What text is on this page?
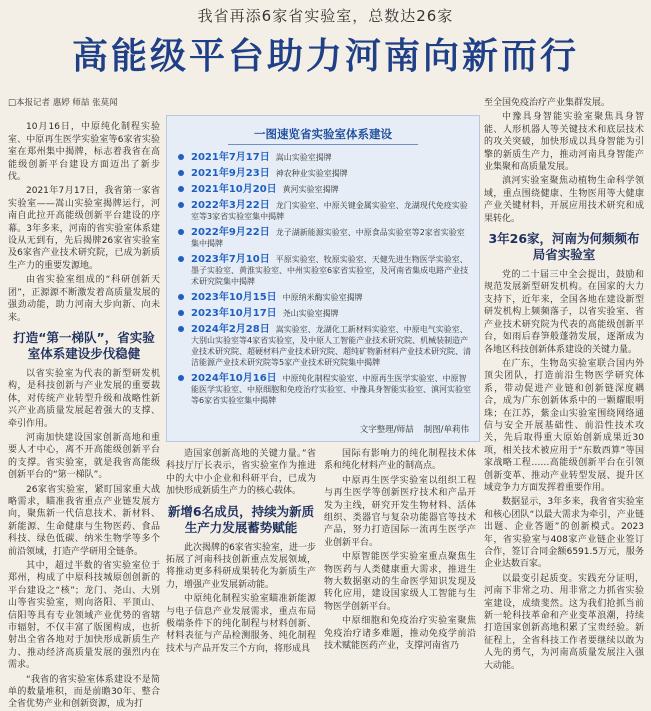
我省再添6家省实验室，总数达26家
高能级平台助力河南向新而行
□本报记者 惠婷 师喆 张莫闻

10月16日，中原纯化制程实验室、中原再生医学实验室等6家省实验室在郑州集中揭牌，标志着我省在高能级创新平台建设方面迈出了新步伐。

2021年7月17日，我省第一家省实验室——嵩山实验室揭牌运行，河南自此拉开高能级创新平台建设的序幕。3年多来，河南的省实验室体系建设从无到有，先后揭牌26家省实验室及6家省产业技术研究院，已成为新质生产力的重要发源地。

由省实验室组成的“科研创新天团”，正源源不断激发着高质量发展的强劲动能，助力河南大步向新、向未来。

打造“第一梯队”，省实验室体系建设步伐稳健

以省实验室为代表的新型研发机构，是科技创新与产业发展的重要载体，对传统产业转型升级和战略性新兴产业高质量发展起着强大的支撑、牵引作用。

河南加快建设国家创新高地和重要人才中心，离不开高能级创新平台的支撑。省实验室，就是我省高能级创新平台的“第一梯队”。

26家省实验室，紧盯国家重大战略需求，瞄准我省重点产业链发展方向，聚焦新一代信息技术、新材料、新能源、生命健康与生物医药、食品科技、绿色低碳、纳米生物学等多个前沿领域，打造产学研用全链条。

其中，超过半数的省实验室位于郑州，构成了中原科技城原创创新的平台建设之“核”；龙门、尧山、大别山等省实验室，则向洛阳、平顶山、信阳等具有专业领域产业优势的省辖市辐射，不仅丰富了版图构成，也折射出全省各地对于加快形成新质生产力、推动经济高质量发展的强烈内在需求。

“我省的省实验室体系建设不是简单的数量堆积，而是前瞻30年、整合全省优势产业和创新资源，成为打

一图速览省实验室体系建设
2021年7月17日 嵩山实验室揭牌
2021年9月23日 神农种业实验室揭牌
2021年10月20日 黄河实验室揭牌
2022年3月22日 龙门实验室、中原关键金属实验室、龙湖现代免疫实验室等3家省实验室集中揭牌
2022年9月22日 龙子湖新能源实验室、中原食品实验室等2家省实验室集中揭牌
2023年7月10日 平原实验室、牧原实验室、天健先进生物医学实验室、墨子实验室、黄淮实验室、中州实验室6家省实验室，及河南省集成电路产业技术研究院集中揭牌
2023年10月15日 中原纳米酶实验室揭牌
2023年10月17日 尧山实验室揭牌
2024年2月28日 嵩实验室、龙湖化工新材料实验室、中原电气实验室、大别山实验室等4家省实验室，及中原人工智能产业技术研究院、机械装制造产业技术研究院、超硬材料产业技术研究院、超纯矿物新材料产业技术研究院、清洁能源产业技术研究院等5家产业技术研究院集中揭牌
2024年10月16日 中原纯化制程实验室、中原再生医学实验室、中原智能医学实验室、中原细胞和免疫治疗实验室、中豫具身智能实验室、滇河实验室等6家省实验室集中揭牌
文字整理/师喆 制图/单莉伟

造国家创新高地的关键力量。”省科技厅厅长表示，省实验室作为推进中的大中小企业和科研平台，已成为加快形成新质生产力的核心载体。

新增6名成员，持续为新质生产力发展蓄势赋能

此次揭牌的6家省实验室，进一步拓展了河南科技创新重点发展领域，将推动更多科研成果转化为新质生产力，增强产业发展新动能。

中原纯化制程实验室瞄准新能源与电子信息产业发展需求，重点布局极端条件下的纯化制程与材料创新、材料表征与产品检测服务、纯化制程技术与产品开发三个方向，将形成具

国际有影响力的纯化制程技术体系和纯化材料产业的制高点。

中原再生医学实验室以组织工程与再生医学等创新医疗技术和产品开发为主线，研究开发生物材料、活体组织、类器官与复杂功能器官等技术产品，努力打造国际一流再生医学产业创新平台。

中原智能医学实验室重点聚焦生物医药与人类健康重大需求，推进生物大数据驱动的生命医学知识发现及转化应用，建设国家级人工智能与生物医学创新平台。

中原细胞和免疫治疗实验室聚焦免疫治疗诸多难题，推动免疫学前沿技术赋能医药产业，支撑河南省乃

至全国免疫治疗产业集群发展。

中豫具身智能实验室聚焦具身智能、人形机器人等关键技术和底层技术的攻关突破，加快形成以具身智能为引擎的新质生产力，推动河南具身智能产业集聚和高质量发展。

滇河实验室聚焦动植物生命科学领域，重点围绕健康、生物医用等大健康产业关键材料，开展应用技术研究和成果转化。

3年26家，河南为何频频布局省实验室

党的二十届三中全会提出，鼓励和规范发展新型研发机构。在国家的大力支持下，近年来，全国各地在建设新型研发机构上频频落子，以省实验室、省产业技术研究院为代表的高能级创新平台，如雨后春笋般蓬勃发展，逐渐成为各地区科技创新体系建设的关键力量。

在广东，生物岛实验室联合国内外顶尖团队，打造前沿生物医学研究体系，带动促进产业链和创新链深度耦合，成为广东创新体系中的一颗耀眼明珠；在江苏，紫金山实验室围绕网络通信与安全开展基础性、前沿性技术攻关，先后取得重大原始创新成果近30项，相关技术被应用于“东数西算”等国家战略工程……高能级创新平台在引领创新变革、推动产业转型发展、提升区域竞争力方面发挥着重要作用。

数据显示，3年多来，我省省实验室和核心团队“以最大需求为牵引，产业链出题、企业答题”的创新模式。2023年，省实验室与408家产业链企业签订合作，签订合同金额6591.5万元，服务企业达数百家。

以最变引起质变。实践充分证明，河南下非常之功、用非常之力抓省实验室建设，成绩斐然。这为我们抢抓当前新一轮科技革命和产业变革浪潮，持续打造国家创新高地积累了宝贵经验。新征程上，全省科技工作者要继续以敢为人先的勇气，为河南高质量发展注入强大动能。
